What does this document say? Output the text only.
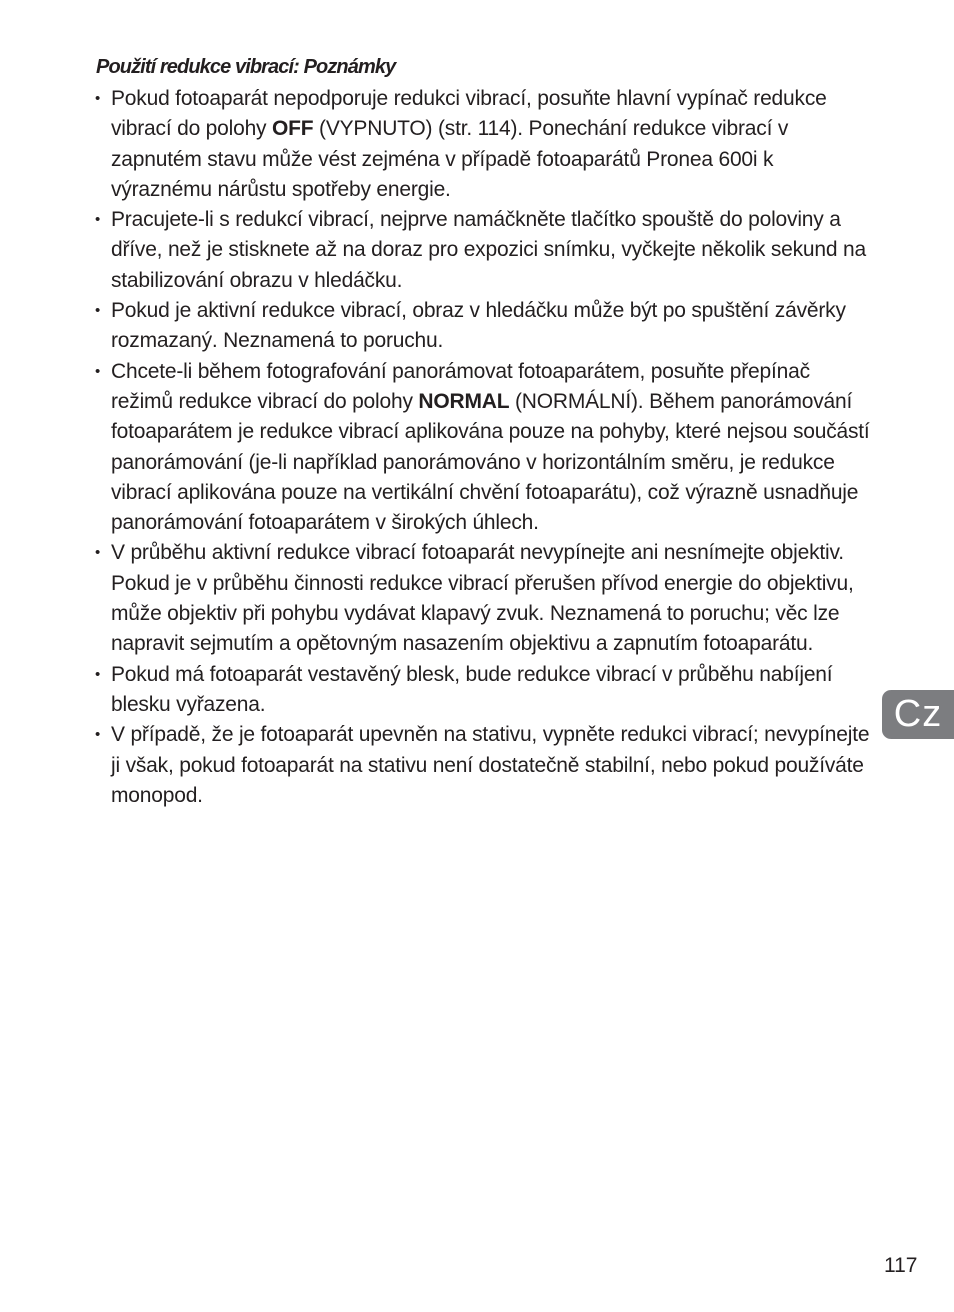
Použití redukce vibrací: Poznámky
• Pokud fotoaparát nepodporuje redukci vibrací, posuňte hlavní vypínač redukce vibrací do polohy OFF (VYPNUTO) (str. 114). Ponechání redukce vibrací v zapnutém stavu může vést zejména v případě fotoaparátů Pronea 600i k výraznému nárůstu spotřeby energie.
• Pracujete-li s redukcí vibrací, nejprve namáčkněte tlačítko spouště do poloviny a dříve, než je stisknete až na doraz pro expozici snímku, vyčkejte několik sekund na stabilizování obrazu v hledáčku.
• Pokud je aktivní redukce vibrací, obraz v hledáčku může být po spuštění závěrky rozmazaný. Neznamená to poruchu.
• Chcete-li během fotografování panorámovat fotoaparátem, posuňte přepínač režimů redukce vibrací do polohy NORMAL (NORMÁLNÍ). Během panorámování fotoaparátem je redukce vibrací aplikována pouze na pohyby, které nejsou součástí panorámování (je-li například panorámováno v horizontálním směru, je redukce vibrací aplikována pouze na vertikální chvění fotoaparátu), což výrazně usnadňuje panorámování fotoaparátem v širokých úhlech.
• V průběhu aktivní redukce vibrací fotoaparát nevypínejte ani nesnímejte objektiv. Pokud je v průběhu činnosti redukce vibrací přerušen přívod energie do objektivu, může objektiv při pohybu vydávat klapavý zvuk. Neznamená to poruchu; věc lze napravit sejmutím a opětovným nasazením objektivu a zapnutím fotoaparátu.
• Pokud má fotoaparát vestavěný blesk, bude redukce vibrací v průběhu nabíjení blesku vyřazena.
• V případě, že je fotoaparát upevněn na stativu, vypněte redukci vibrací; nevypínejte ji však, pokud fotoaparát na stativu není dostatečně stabilní, nebo pokud používáte monopod.
Cz
117
